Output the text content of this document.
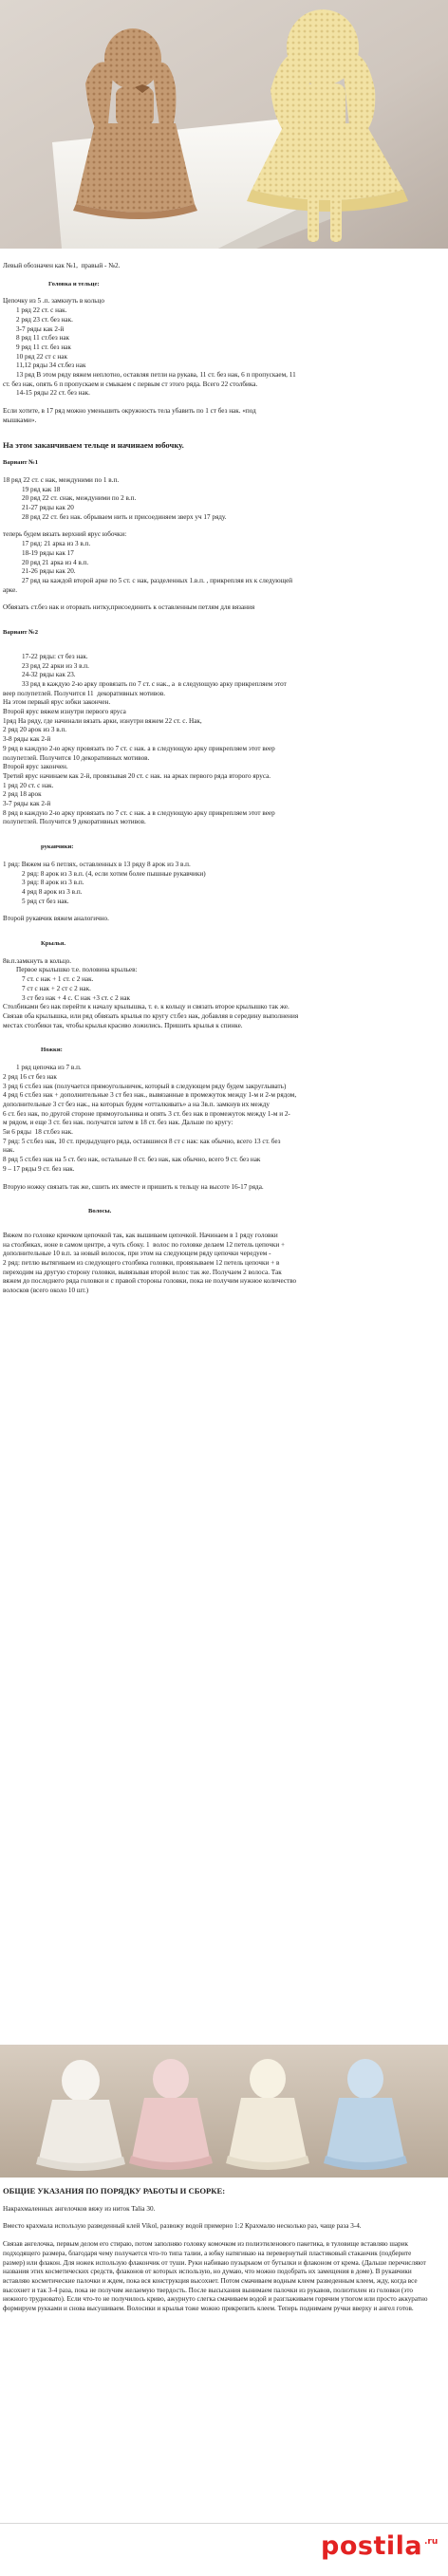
Левый обозначен как №1,  правый - №2.

Головка и тельце:

Цепочку из 5 .п. замкнуть в кольцо

1 ряд 22 ст. с нак.

2 ряд 23 ст. без нак.

3-7 ряды как 2-й

8 ряд 11 ст.без нак

9 ряд 11 ст. без нак

10 ряд 22 ст с нак

11,12 ряды 34 ст.без нак

13 ряд В этом ряду вяжем неплотно, оставляя петли на рукава, 11 ст. без нак, 6 п пропускаем, 11

ст. без нак, опять 6 п пропускаем и смыкаем с первым ст этого ряда. Всего 22 столбика.

14-15 ряды 22 ст. без нак.

Если хотите, в 17 ряд можно уменьшить окружность тела убавить по 1 ст без нак. «под

мышками».

На этом заканчиваем тельце и начинаем юбочку.

Вариант №1

18 ряд 22 ст. с нак, междуними по 1 в.п.

19 ряд как 18

20 ряд 22 ст. снак, междуними по 2 в.п.

21-27 ряды как 20

28 ряд 22 ст. без нак. обрываем нить и присоединяем зверх уч 17 ряду.

теперь будем вязать верхний ярус юбочки:

17 ряд: 21 арка из 3 в.п.

18-19 ряды как 17

20 ряд 21 арка из 4 в.п.

21-26 ряды как 20.

27 ряд на каждой второй арке по 5 ст. с нак, разделенных 1.в.п. , прикрепляя их к следующей

арке.

Обвязать ст.без нак и оторвать нитку,присоединить к оставленным петлям для вязания

Вариант №2

17-22 ряды: ст без нак.

23 ряд 22 арки из 3 в.п.

24-32 ряды как 23.

33 ряд в каждую 2-ю арку провязать по 7 ст. с нак., а  в следующую арку прикрепляем этот

веер полупетлей. Получится 11  декоративных мотивов.

На этом первый ярус юбки закончен.

Второй ярус вяжем изнутри первого яруса

1ряд На ряду, где начинали вязать арки, изнутри вяжем 22 ст. с. Нак,

2 ряд 20 арок из 3 в.п.

3-8 ряды как 2-й

9 ряд в каждую 2-ю арку провязать по 7 ст. с нак. а в следующую арку прикрепляем этот веер

полупетлей. Получится 10 декоративных мотивов.

Второй ярус закончен.

Третий ярус начинаем как 2-й, провязывая 20 ст. с нак. на арках первого ряда второго яруса.

1 ряд 20 ст. с нак.

2 ряд 18 арок

3-7 ряды как 2-й

8 ряд в каждую 2-ю арку провязать по 7 ст. с нак. а в следующую арку прикрепляем этот веер

полупетлей. Получится 9 декоративных мотивов.

рукавчики:

1 ряд: Вяжем на 6 петлях, оставленных в 13 ряду 8 арок из 3 в.п.

2 ряд: 8 арок из 3 в.п. (4, если хотим более пышные рукавчики)

3 ряд: 8 арок из 3 в.п.

4 ряд 8 арок из 3 в.п.

5 ряд ст без нак.

Второй рукавчик вяжем аналогично.

Крылья.

8в.п.замкнуть в кольцо.

Первое крылышко т.е. половина крыльев:

7 ст. с нак + 1 ст. с 2 нак.

7 ст с нак + 2 ст с 2 нак.

3 ст без нак + 4 с. С нак +3 ст. с 2 нак

Столбиками без нак перейти к началу крылышка, т. е. к кольцу и связать второе крылышко так же.

Связав оба крылышка, или ряд обвязать крылья по кругу ст.без нак, добавляя в середину выполнения

местах столбики так, чтобы крылья красиво ложились. Пришить крылья к спинке.

Ножки:

1 ряд цепочка из 7 в.п.

2 ряд 16 ст без нак

3 ряд 6 ст.без нак (получается прямоугольничек, который в следующем ряду будем закруглывать)

4 ряд 6 ст.без нак + дополнительные 3 ст без нак., вывязанные в промежуток между 1-м и 2-м рядом,

дополнительные 3 ст без нак., на которых будем «отталкивать» а на 3в.п. замкнув их между

6 ст. без нак, по другой стороне прямоугольника и опять 3 ст. без нак в промежуток между 1-м и 2-

м рядом, и еще 3 ст. без нак. получатся затем в 18 ст. без нак. Дальше по кругу:

5и 6 ряды  18 ст.без нак.

7 ряд: 5 ст.без нак, 10 ст. предыдущего ряда, оставшиеся 8 ст с нак: как обычно, всего 13 ст. без

нак.

8 ряд 5 ст.без нак на 5 ст. без нак, остальные 8 ст. без нак, как обычно, всего 9 ст. без нак

9 – 17 ряды 9 ст. без нак.

Вторую ножку связать так же, сшить их вместе и пришить к тельцу на высоте 16-17 ряда.

Волосы.

Вяжем по головке крючком цепочкой так, как вышиваем цепочкой. Начинаем в 1 ряду головки

на столбиках, ноне в самом центре, а чуть сбоку. 1  волос по головке делаем 12 петель цепочки +

дополнительные 10 в.п. за новый волосок, при этом на следующем ряду цепочки чередуем -

2 ряд: петлю вытягиваем из следующего столбика головки, провязываем 12 петель цепочки + в

переходим на другую сторону головки, вывязывая второй волос так же. Получаем 2 волоса. Так

вяжем до последнего ряда головки и с правой стороны головки, пока не получим нужное количество

волосков (всего около 10 шт.)

ОБЩИЕ УКАЗАНИЯ ПО ПОРЯДКУ РАБОТЫ И СБОРКЕ:

Накрахмаленных ангелочков вяжу из ниток Talia 30.

Вместо крахмала использую разведенный клей Vikol, развожу водой примерно 1:2 Крахмалю несколько раз, чаще раза 3-4.

Связав ангелочка, первым делом его стираю, потом заполняю головку комочком из полиэтиленового пакетика, в туловище вставляю шарик подходящего размера, благодаря чему получается что-то типа талии, а юбку натягиваю на перевернутый пластиковый стаканчик (подберите размер) или флакон. Для ножек использую флакончик от туши. Руки набиваю пузырьком от бутылки и флаконом от крема. (Дальше перечисляют названия этих косметических средств, флаконов от которых использую, но думаю, что можно подобрать их замещения в доме). В рукавчики вставляю косметические палочки и ждем, пока вся конструкция высохнет. Потом смачиваем водным клеем разведенным клеем, жду, когда все высохнет и так 3-4 раза, пока не получим желаемую твердость. После высыхания вынимаем палочки из рукавов, полиэтилен из головки (это нежного трудновато). Если что-то не получилось криво, ажурнуто слегка смачиваем водой и разглаживаем горячим утюгом или просто аккуратно формируем рукками и снова высушиваем. Волосики и крылья тоже можно прикрепить клеем. Теперь поднимаем ручки вверху и ангел готов.

postila .ru
